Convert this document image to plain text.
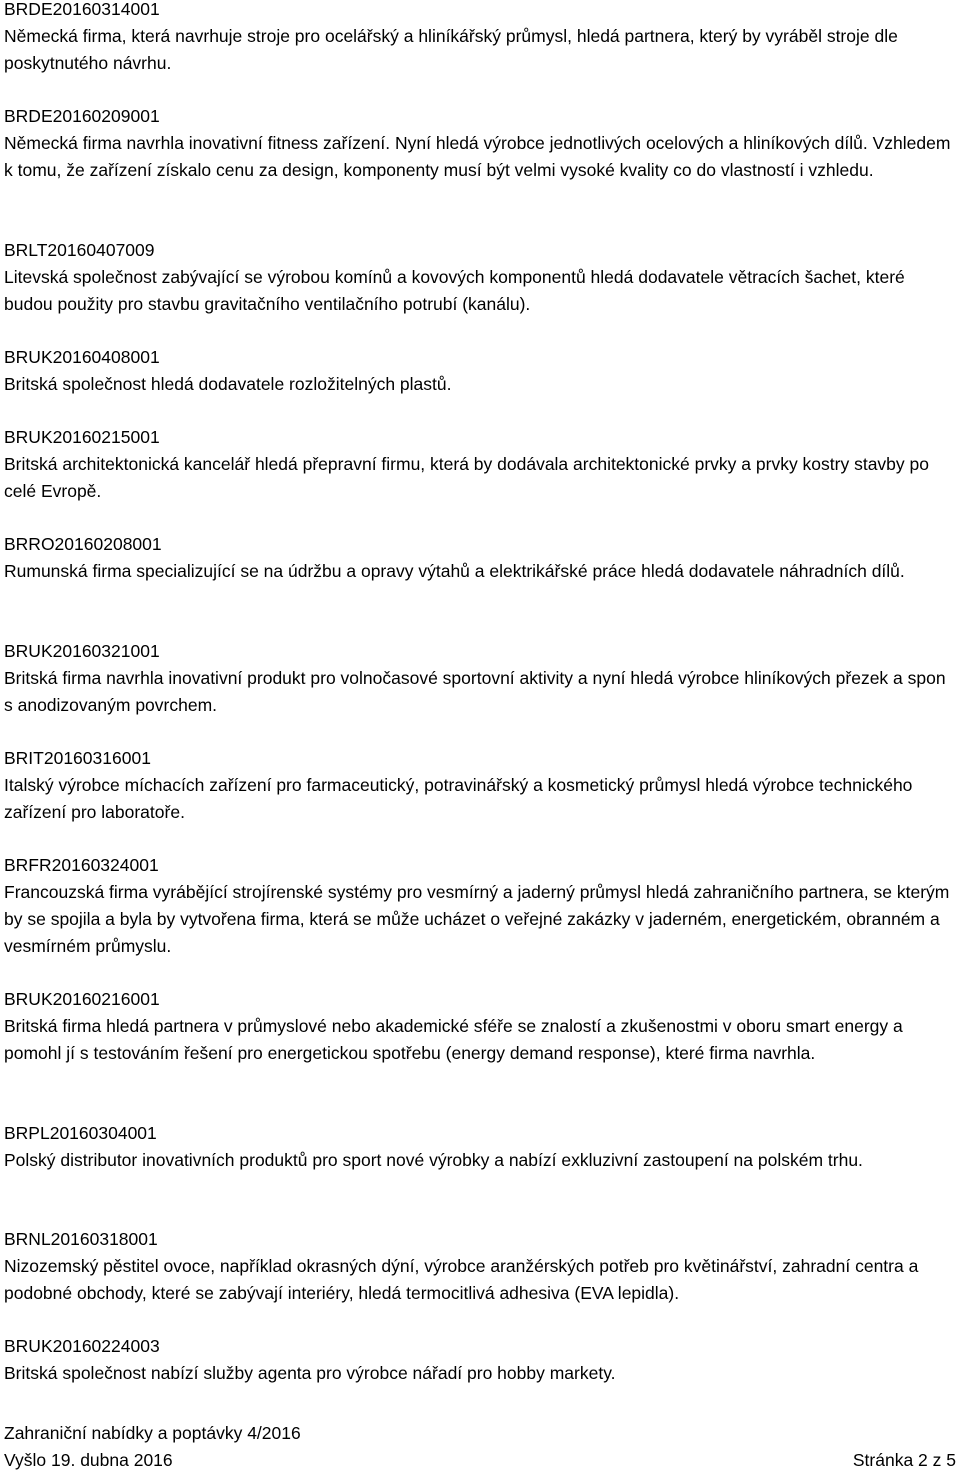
BRDE20160314001

Německá firma, která navrhuje stroje pro ocelářský a hliníkářský průmysl, hledá partnera, který by vyráběl stroje dle poskytnutého návrhu.

BRDE20160209001

Německá firma navrhla inovativní fitness zařízení. Nyní hledá výrobce jednotlivých ocelových a hliníkových dílů. Vzhledem k tomu, že zařízení získalo cenu za design, komponenty musí být velmi vysoké kvality co do vlastností i vzhledu.

BRLT20160407009

Litevská společnost zabývající se výrobou komínů a kovových komponentů hledá dodavatele větracích šachet, které budou použity pro stavbu gravitačního ventilačního potrubí (kanálu).

BRUK20160408001

Britská společnost hledá dodavatele rozložitelných plastů.

BRUK20160215001

Britská architektonická kancelář hledá přepravní firmu, která by dodávala architektonické prvky a prvky kostry stavby po celé Evropě.

BRRO20160208001

Rumunská firma specializující se na údržbu a opravy výtahů a elektrikářské práce hledá dodavatele náhradních dílů.

BRUK20160321001

Britská firma navrhla inovativní produkt pro volnočasové sportovní aktivity a nyní hledá výrobce hliníkových přezek a spon s anodizovaným povrchem.

BRIT20160316001

Italský výrobce míchacích zařízení pro farmaceutický, potravinářský a kosmetický průmysl hledá výrobce technického zařízení pro laboratoře.

BRFR20160324001

Francouzská firma vyrábějící strojírenské systémy pro vesmírný a jaderný průmysl hledá zahraničního partnera, se kterým by se spojila a byla by vytvořena firma, která se může ucházet o veřejné zakázky v jaderném, energetickém, obranném a vesmírném průmyslu.

BRUK20160216001

Britská firma hledá partnera v průmyslové nebo akademické sféře se znalostí a zkušenostmi v oboru smart energy a pomohl jí s testováním řešení pro energetickou spotřebu (energy demand response), které firma navrhla.

BRPL20160304001

Polský distributor inovativních produktů pro sport nové výrobky a nabízí exkluzivní zastoupení na polském trhu.

BRNL20160318001

Nizozemský pěstitel ovoce, například okrasných dýní, výrobce aranžérských potřeb pro květinářství, zahradní centra a podobné obchody, které se zabývají interiéry, hledá termocitlivá adhesiva (EVA lepidla).

BRUK20160224003

Britská společnost nabízí služby agenta pro výrobce nářadí pro hobby markety.

Zahraniční nabídky a poptávky 4/2016

Vyšlo 19. dubna 2016	Stránka 2 z 5
